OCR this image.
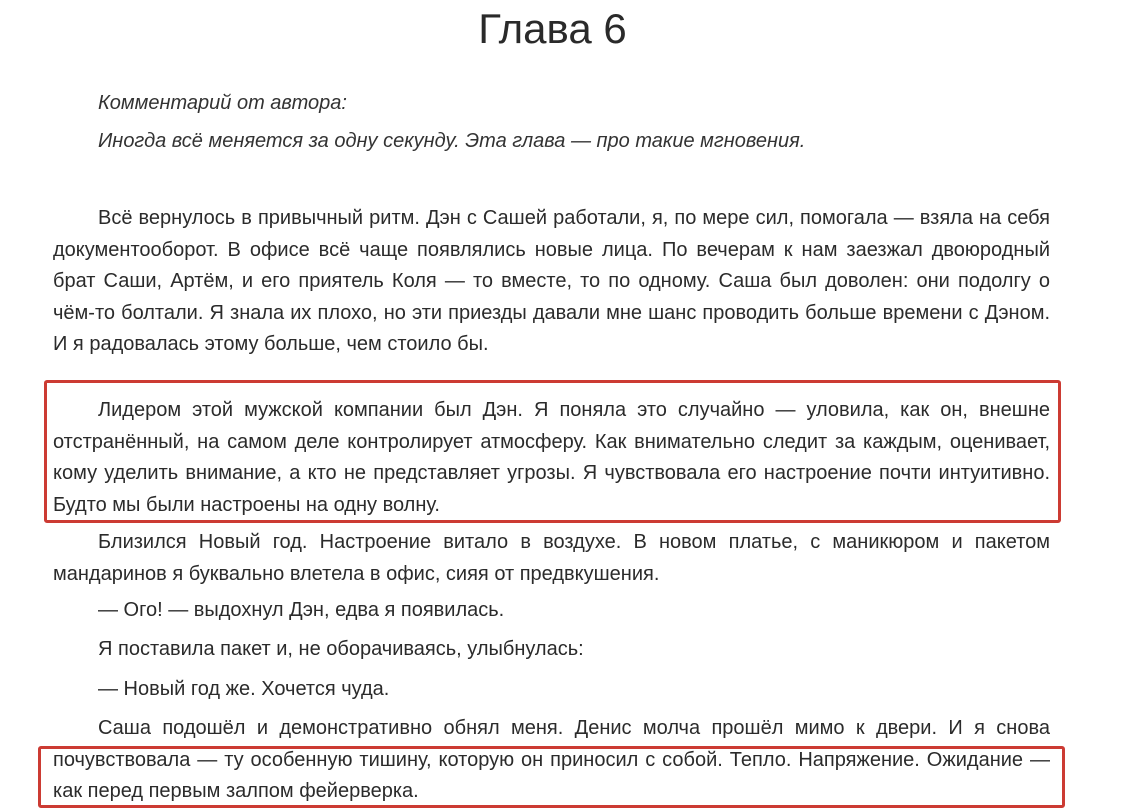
Глава 6

Комментарий от автора:

Иногда всё меняется за одну секунду. Эта глава — про такие мгновения.

Всё вернулось в привычный ритм. Дэн с Сашей работали, я, по мере сил, помогала — взяла на себя документооборот. В офисе всё чаще появлялись новые лица. По вечерам к нам заезжал двоюродный брат Саши, Артём, и его приятель Коля — то вместе, то по одному. Саша был доволен: они подолгу о чём-то болтали. Я знала их плохо, но эти приезды давали мне шанс проводить больше времени с Дэном. И я радовалась этому больше, чем стоило бы.

Лидером этой мужской компании был Дэн. Я поняла это случайно — уловила, как он, внешне отстранённый, на самом деле контролирует атмосферу. Как внимательно следит за каждым, оценивает, кому уделить внимание, а кто не представляет угрозы. Я чувствовала его настроение почти интуитивно. Будто мы были настроены на одну волну.

Близился Новый год. Настроение витало в воздухе. В новом платье, с маникюром и пакетом мандаринов я буквально влетела в офис, сияя от предвкушения.

— Ого! — выдохнул Дэн, едва я появилась.

Я поставила пакет и, не оборачиваясь, улыбнулась:

— Новый год же. Хочется чуда.

Саша подошёл и демонстративно обнял меня. Денис молча прошёл мимо к двери. И я снова почувствовала — ту особенную тишину, которую он приносил с собой. Тепло. Напряжение. Ожидание — как перед первым залпом фейерверка.
